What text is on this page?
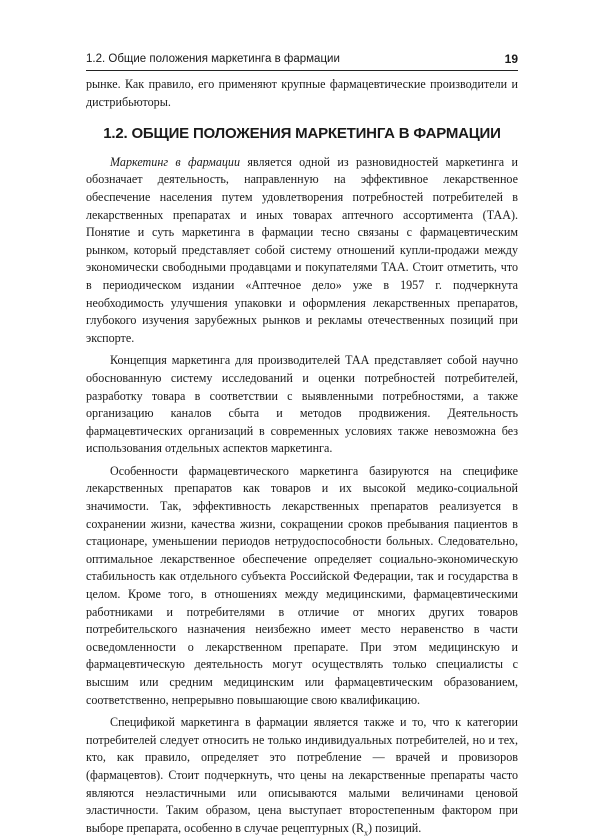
1.2. Общие положения маркетинга в фармации	19

рынке. Как правило, его применяют крупные фармацевтические производители и дистрибьюторы.

1.2. ОБЩИЕ ПОЛОЖЕНИЯ МАРКЕТИНГА В ФАРМАЦИИ

Маркетинг в фармации является одной из разновидностей маркетинга и обозначает деятельность, направленную на эффективное лекарственное обеспечение населения путем удовлетворения потребностей потребителей в лекарственных препаратах и иных товарах аптечного ассортимента (ТАА). Понятие и суть маркетинга в фармации тесно связаны с фармацевтическим рынком, который представляет собой систему отношений купли-продажи между экономически свободными продавцами и покупателями ТАА. Стоит отметить, что в периодическом издании «Аптечное дело» уже в 1957 г. подчеркнута необходимость улучшения упаковки и оформления лекарственных препаратов, глубокого изучения зарубежных рынков и рекламы отечественных позиций при экспорте.

Концепция маркетинга для производителей ТАА представляет собой научно обоснованную систему исследований и оценки потребностей потребителей, разработку товара в соответствии с выявленными потребностями, а также организацию каналов сбыта и методов продвижения. Деятельность фармацевтических организаций в современных условиях также невозможна без использования отдельных аспектов маркетинга.

Особенности фармацевтического маркетинга базируются на специфике лекарственных препаратов как товаров и их высокой медико-социальной значимости. Так, эффективность лекарственных препаратов реализуется в сохранении жизни, качества жизни, сокращении сроков пребывания пациентов в стационаре, уменьшении периодов нетрудоспособности больных. Следовательно, оптимальное лекарственное обеспечение определяет социально-экономическую стабильность как отдельного субъекта Российской Федерации, так и государства в целом. Кроме того, в отношениях между медицинскими, фармацевтическими работниками и потребителями в отличие от многих других товаров потребительского назначения неизбежно имеет место неравенство в части осведомленности о лекарственном препарате. При этом медицинскую и фармацевтическую деятельность могут осуществлять только специалисты с высшим или средним медицинским или фармацевтическим образованием, соответственно, непрерывно повышающие свою квалификацию.

Спецификой маркетинга в фармации является также и то, что к категории потребителей следует относить не только индивидуальных потребителей, но и тех, кто, как правило, определяет это потребление — врачей и провизоров (фармацевтов). Стоит подчеркнуть, что цены на лекарственные препараты часто являются неэластичными или описываются малыми величинами ценовой эластичности. Таким образом, цена выступает второстепенным фактором при выборе препарата, особенно в случае рецептурных $(R_x)$ позиций.
